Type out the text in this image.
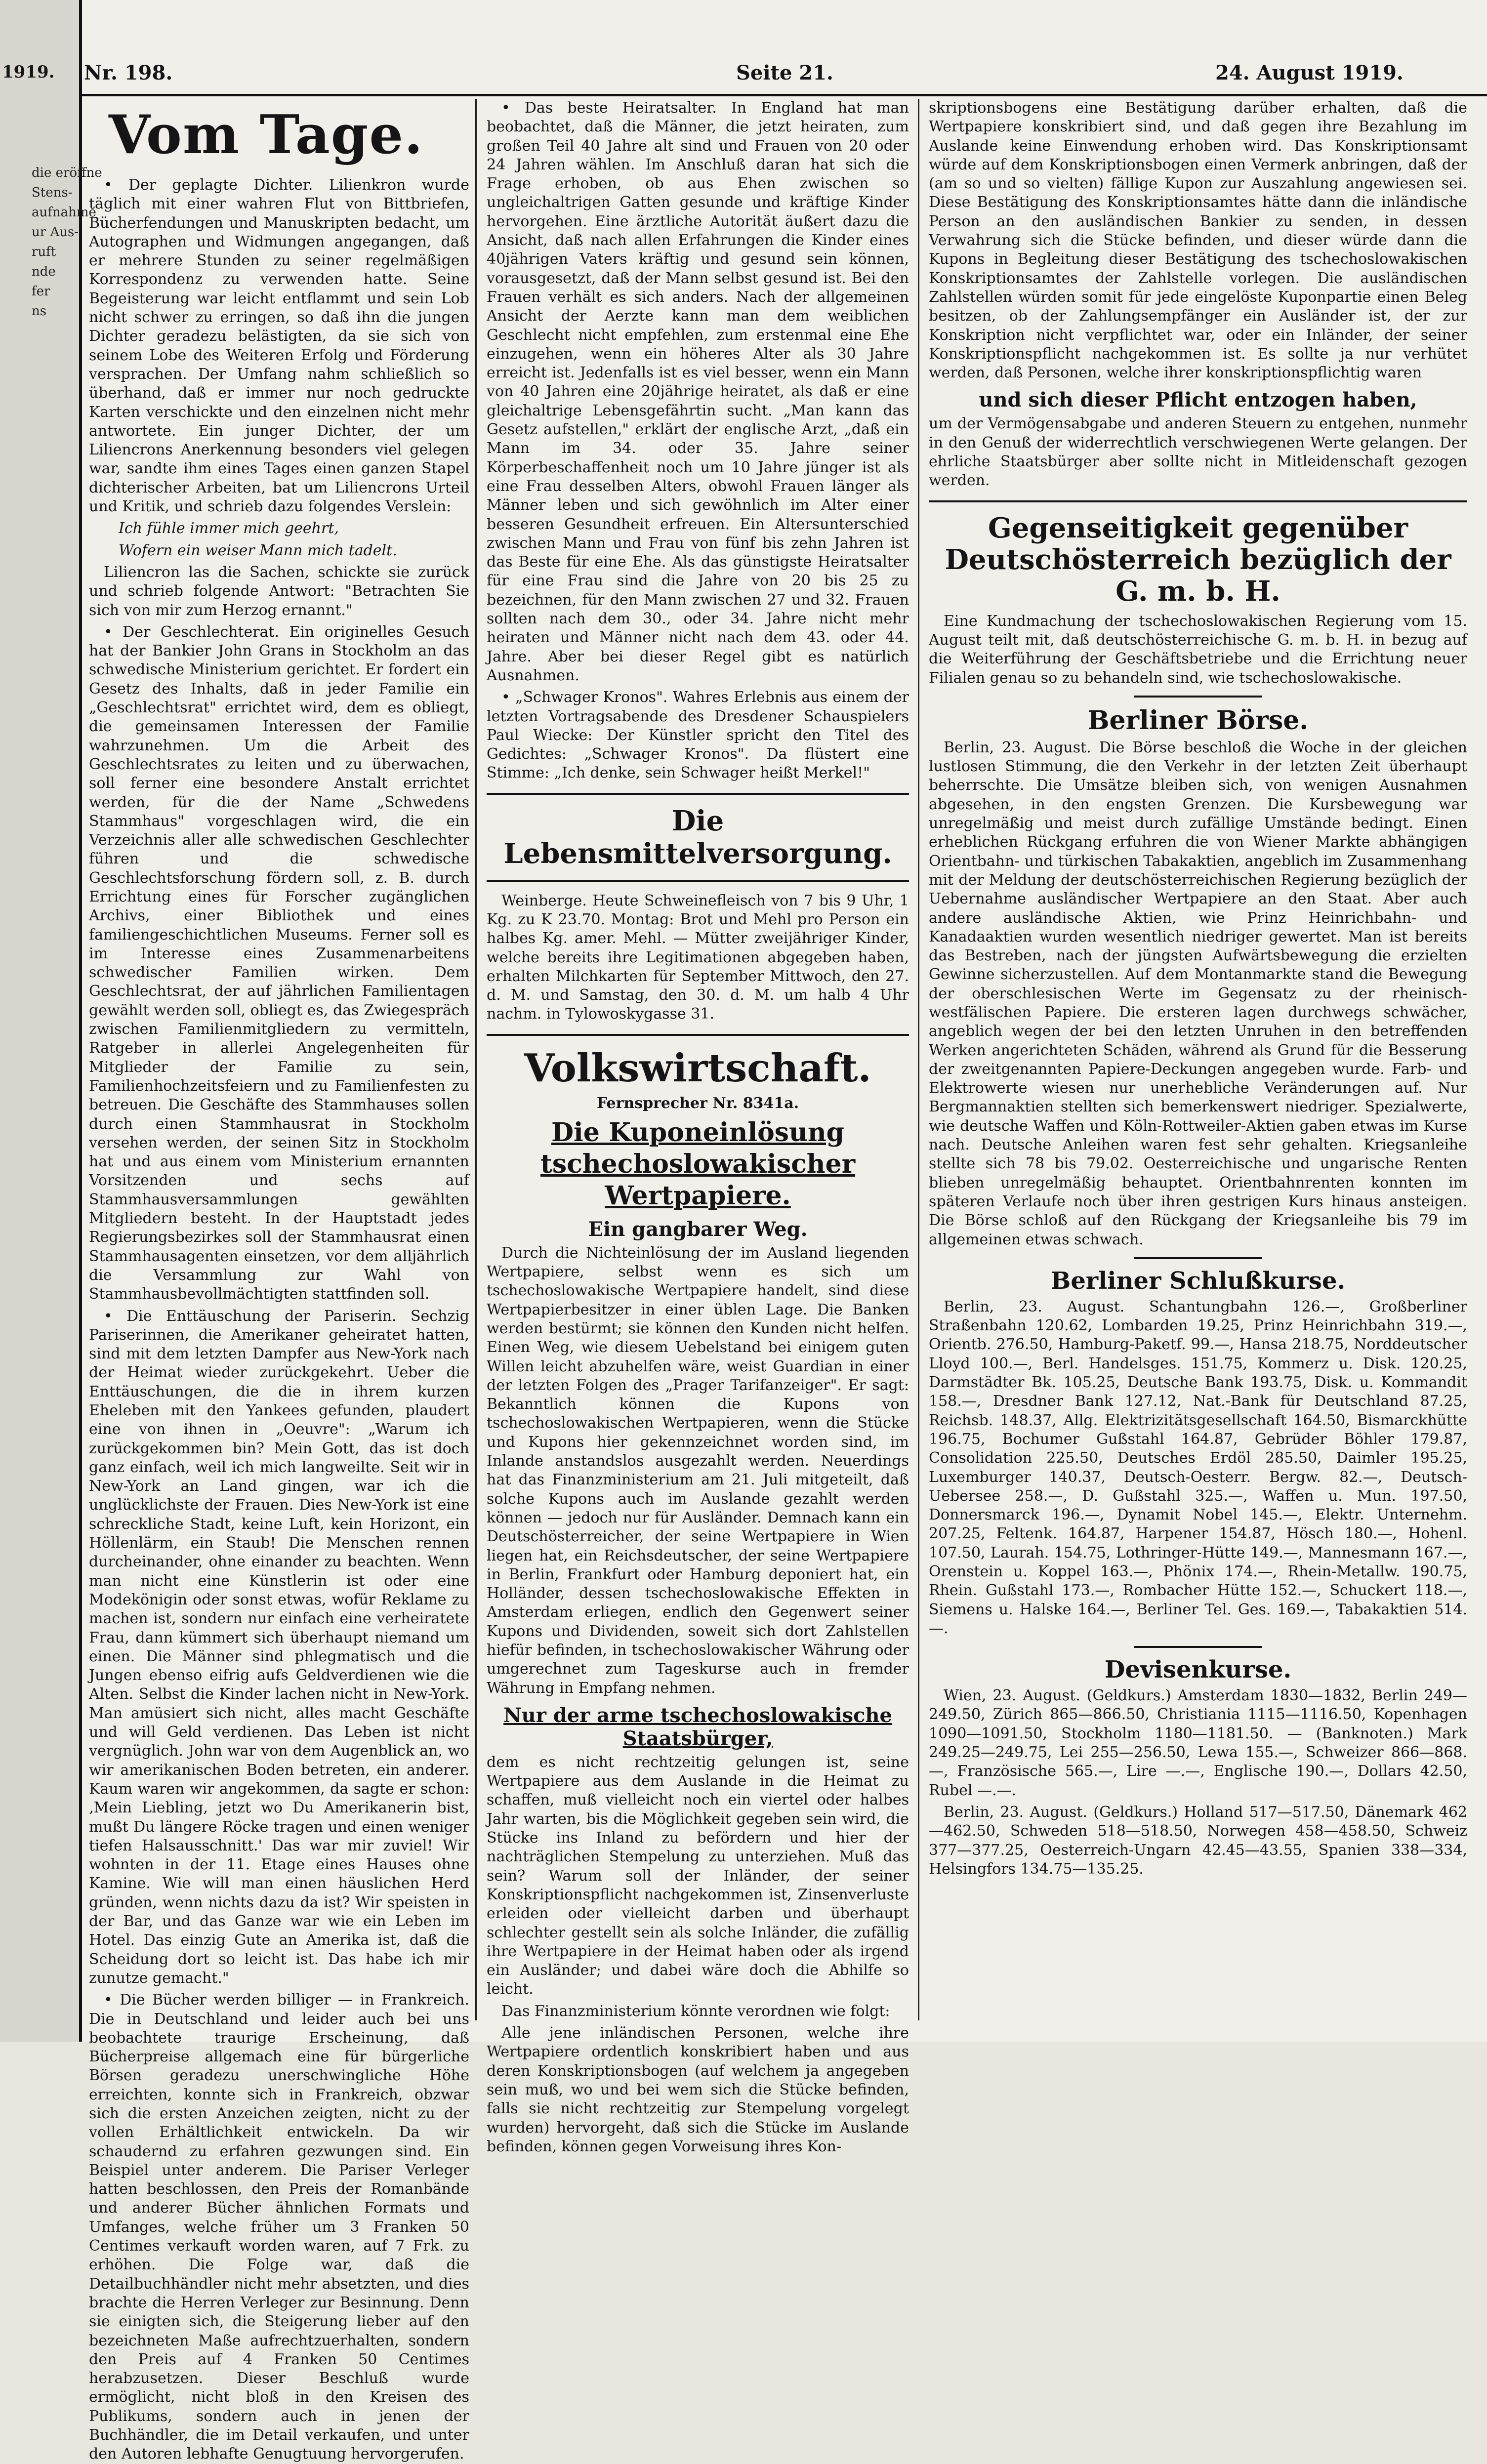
1919.
die eröffne
Stens-
aufnahme
ur Aus-
ruft
nde
fer
ns
Nr. 198.	Seite 21.	24. August 1919.
Vom Tage.

• Der geplagte Dichter. Lilienkron wurde täglich mit einer wahren Flut von Bittbriefen, Bücherfendungen und Manuskripten bedacht, um Autographen und Widmungen angegangen, daß er mehrere Stunden zu seiner regelmäßigen Korrespondenz zu verwenden hatte. Seine Begeisterung war leicht entflammt und sein Lob nicht schwer zu erringen, so daß ihn die jungen Dichter geradezu belästigten, da sie sich von seinem Lobe des Weiteren Erfolg und Förderung versprachen. Der Umfang nahm schließlich so überhand, daß er immer nur noch gedruckte Karten verschickte und den einzelnen nicht mehr antwortete. Ein junger Dichter, der um Liliencrons Anerkennung besonders viel gelegen war, sandte ihm eines Tages einen ganzen Stapel dichterischer Arbeiten, bat um Liliencrons Urteil und Kritik, und schrieb dazu folgendes Verslein:

Ich fühle immer mich geehrt,

Wofern ein weiser Mann mich tadelt.

Liliencron las die Sachen, schickte sie zurück und schrieb folgende Antwort: "Betrachten Sie sich von mir zum Herzog ernannt."

• Der Geschlechterat. Ein originelles Gesuch hat der Bankier John Grans in Stockholm an das schwedische Ministerium gerichtet. Er fordert ein Gesetz des Inhalts, daß in jeder Familie ein „Geschlechtsrat" errichtet wird, dem es obliegt, die gemeinsamen Interessen der Familie wahrzunehmen. Um die Arbeit des Geschlechtsrates zu leiten und zu überwachen, soll ferner eine besondere Anstalt errichtet werden, für die der Name „Schwedens Stammhaus" vorgeschlagen wird, die ein Verzeichnis aller alle schwedischen Geschlechter führen und die schwedische Geschlechtsforschung fördern soll, z. B. durch Errichtung eines für Forscher zugänglichen Archivs, einer Bibliothek und eines familiengeschichtlichen Museums. Ferner soll es im Interesse eines Zusammenarbeitens schwedischer Familien wirken. Dem Geschlechtsrat, der auf jährlichen Familientagen gewählt werden soll, obliegt es, das Zwiegespräch zwischen Familienmitgliedern zu vermitteln, Ratgeber in allerlei Angelegenheiten für Mitglieder der Familie zu sein, Familienhochzeitsfeiern und zu Familienfesten zu betreuen. Die Geschäfte des Stammhauses sollen durch einen Stammhausrat in Stockholm versehen werden, der seinen Sitz in Stockholm hat und aus einem vom Ministerium ernannten Vorsitzenden und sechs auf Stammhausversammlungen gewählten Mitgliedern besteht. In der Hauptstadt jedes Regierungsbezirkes soll der Stammhausrat einen Stammhausagenten einsetzen, vor dem alljährlich die Versammlung zur Wahl von Stammhausbevollmächtigten stattfinden soll.

• Die Enttäuschung der Pariserin. Sechzig Pariserinnen, die Amerikaner geheiratet hatten, sind mit dem letzten Dampfer aus New-York nach der Heimat wieder zurückgekehrt. Ueber die Enttäuschungen, die die in ihrem kurzen Eheleben mit den Yankees gefunden, plaudert eine von ihnen in „Oeuvre": „Warum ich zurückgekommen bin? Mein Gott, das ist doch ganz einfach, weil ich mich langweilte. Seit wir in New-York an Land gingen, war ich die unglücklichste der Frauen. Dies New-York ist eine schreckliche Stadt, keine Luft, kein Horizont, ein Höllenlärm, ein Staub! Die Menschen rennen durcheinander, ohne einander zu beachten. Wenn man nicht eine Künstlerin ist oder eine Modekönigin oder sonst etwas, wofür Reklame zu machen ist, sondern nur einfach eine verheiratete Frau, dann kümmert sich überhaupt niemand um einen. Die Männer sind phlegmatisch und die Jungen ebenso eifrig aufs Geldverdienen wie die Alten. Selbst die Kinder lachen nicht in New-York. Man amüsiert sich nicht, alles macht Geschäfte und will Geld verdienen. Das Leben ist nicht vergnüglich. John war von dem Augenblick an, wo wir amerikanischen Boden betreten, ein anderer. Kaum waren wir angekommen, da sagte er schon: ‚Mein Liebling, jetzt wo Du Amerikanerin bist, mußt Du längere Röcke tragen und einen weniger tiefen Halsausschnitt.' Das war mir zuviel! Wir wohnten in der 11. Etage eines Hauses ohne Kamine. Wie will man einen häuslichen Herd gründen, wenn nichts dazu da ist? Wir speisten in der Bar, und das Ganze war wie ein Leben im Hotel. Das einzig Gute an Amerika ist, daß die Scheidung dort so leicht ist. Das habe ich mir zunutze gemacht."

• Die Bücher werden billiger — in Frankreich. Die in Deutschland und leider auch bei uns beobachtete traurige Erscheinung, daß Bücherpreise allgemach eine für bürgerliche Börsen geradezu unerschwingliche Höhe erreichten, konnte sich in Frankreich, obzwar sich die ersten Anzeichen zeigten, nicht zu der vollen Erhältlichkeit entwickeln. Da wir schaudernd zu erfahren gezwungen sind. Ein Beispiel unter anderem. Die Pariser Verleger hatten beschlossen, den Preis der Romanbände und anderer Bücher ähnlichen Formats und Umfanges, welche früher um 3 Franken 50 Centimes verkauft worden waren, auf 7 Frk. zu erhöhen. Die Folge war, daß die Detailbuchhändler nicht mehr absetzten, und dies brachte die Herren Verleger zur Besinnung. Denn sie einigten sich, die Steigerung lieber auf den bezeichneten Maße aufrechtzuerhalten, sondern den Preis auf 4 Franken 50 Centimes herabzusetzen. Dieser Beschluß wurde ermöglicht, nicht bloß in den Kreisen des Publikums, sondern auch in jenen der Buchhändler, die im Detail verkaufen, und unter den Autoren lebhafte Genugtuung hervorgerufen.

• Das beste Heiratsalter. In England hat man beobachtet, daß die Männer, die jetzt heiraten, zum großen Teil 40 Jahre alt sind und Frauen von 20 oder 24 Jahren wählen. Im Anschluß daran hat sich die Frage erhoben, ob aus Ehen zwischen so ungleichaltrigen Gatten gesunde und kräftige Kinder hervorgehen. Eine ärztliche Autorität äußert dazu die Ansicht, daß nach allen Erfahrungen die Kinder eines 40jährigen Vaters kräftig und gesund sein können, vorausgesetzt, daß der Mann selbst gesund ist. Bei den Frauen verhält es sich anders. Nach der allgemeinen Ansicht der Aerzte kann man dem weiblichen Geschlecht nicht empfehlen, zum erstenmal eine Ehe einzugehen, wenn ein höheres Alter als 30 Jahre erreicht ist. Jedenfalls ist es viel besser, wenn ein Mann von 40 Jahren eine 20jährige heiratet, als daß er eine gleichaltrige Lebensgefährtin sucht. „Man kann das Gesetz aufstellen," erklärt der englische Arzt, „daß ein Mann im 34. oder 35. Jahre seiner Körperbeschaffenheit noch um 10 Jahre jünger ist als eine Frau desselben Alters, obwohl Frauen länger als Männer leben und sich gewöhnlich im Alter einer besseren Gesundheit erfreuen. Ein Altersunterschied zwischen Mann und Frau von fünf bis zehn Jahren ist das Beste für eine Ehe. Als das günstigste Heiratsalter für eine Frau sind die Jahre von 20 bis 25 zu bezeichnen, für den Mann zwischen 27 und 32. Frauen sollten nach dem 30., oder 34. Jahre nicht mehr heiraten und Männer nicht nach dem 43. oder 44. Jahre. Aber bei dieser Regel gibt es natürlich Ausnahmen.

• „Schwager Kronos". Wahres Erlebnis aus einem der letzten Vortragsabende des Dresdener Schauspielers Paul Wiecke: Der Künstler spricht den Titel des Gedichtes: „Schwager Kronos". Da flüstert eine Stimme: „Ich denke, sein Schwager heißt Merkel!"

Die Lebensmittelversorgung.

Weinberge. Heute Schweinefleisch von 7 bis 9 Uhr, 1 Kg. zu K 23.70. Montag: Brot und Mehl pro Person ein halbes Kg. amer. Mehl. — Mütter zweijähriger Kinder, welche bereits ihre Legitimationen abgegeben haben, erhalten Milchkarten für September Mittwoch, den 27. d. M. und Samstag, den 30. d. M. um halb 4 Uhr nachm. in Tylowoskygasse 31.

Volkswirtschaft.
Fernsprecher Nr. 8341a.
Die Kuponeinlösung tschechoslowakischer Wertpapiere.
Ein gangbarer Weg.

Durch die Nichteinlösung der im Ausland liegenden Wertpapiere, selbst wenn es sich um tschechoslowakische Wertpapiere handelt, sind diese Wertpapierbesitzer in einer üblen Lage. Die Banken werden bestürmt; sie können den Kunden nicht helfen. Einen Weg, wie diesem Uebelstand bei einigem guten Willen leicht abzuhelfen wäre, weist Guardian in einer der letzten Folgen des „Prager Tarifanzeiger". Er sagt: Bekanntlich können die Kupons von tschechoslowakischen Wertpapieren, wenn die Stücke und Kupons hier gekennzeichnet worden sind, im Inlande anstandslos ausgezahlt werden. Neuerdings hat das Finanzministerium am 21. Juli mitgeteilt, daß solche Kupons auch im Auslande gezahlt werden können — jedoch nur für Ausländer. Demnach kann ein Deutschösterreicher, der seine Wertpapiere in Wien liegen hat, ein Reichsdeutscher, der seine Wertpapiere in Berlin, Frankfurt oder Hamburg deponiert hat, ein Holländer, dessen tschechoslowakische Effekten in Amsterdam erliegen, endlich den Gegenwert seiner Kupons und Dividenden, soweit sich dort Zahlstellen hiefür befinden, in tschechoslowakischer Währung oder umgerechnet zum Tageskurse auch in fremder Währung in Empfang nehmen.

Nur der arme tschechoslowakische Staatsbürger,

dem es nicht rechtzeitig gelungen ist, seine Wertpapiere aus dem Auslande in die Heimat zu schaffen, muß vielleicht noch ein viertel oder halbes Jahr warten, bis die Möglichkeit gegeben sein wird, die Stücke ins Inland zu befördern und hier der nachträglichen Stempelung zu unterziehen. Muß das sein? Warum soll der Inländer, der seiner Konskriptionspflicht nachgekommen ist, Zinsenverluste erleiden oder vielleicht darben und überhaupt schlechter gestellt sein als solche Inländer, die zufällig ihre Wertpapiere in der Heimat haben oder als irgend ein Ausländer; und dabei wäre doch die Abhilfe so leicht.

Das Finanzministerium könnte verordnen wie folgt:

Alle jene inländischen Personen, welche ihre Wertpapiere ordentlich konskribiert haben und aus deren Konskriptionsbogen (auf welchem ja angegeben sein muß, wo und bei wem sich die Stücke befinden, falls sie nicht rechtzeitig zur Stempelung vorgelegt wurden) hervorgeht, daß sich die Stücke im Auslande befinden, können gegen Vorweisung ihres Kon-

skriptionsbogens eine Bestätigung darüber erhalten, daß die Wertpapiere konskribiert sind, und daß gegen ihre Bezahlung im Auslande keine Einwendung erhoben wird. Das Konskriptionsamt würde auf dem Konskriptionsbogen einen Vermerk anbringen, daß der (am so und so vielten) fällige Kupon zur Auszahlung angewiesen sei. Diese Bestätigung des Konskriptionsamtes hätte dann die inländische Person an den ausländischen Bankier zu senden, in dessen Verwahrung sich die Stücke befinden, und dieser würde dann die Kupons in Begleitung dieser Bestätigung des tschechoslowakischen Konskriptionsamtes der Zahlstelle vorlegen. Die ausländischen Zahlstellen würden somit für jede eingelöste Kuponpartie einen Beleg besitzen, ob der Zahlungsempfänger ein Ausländer ist, der zur Konskription nicht verpflichtet war, oder ein Inländer, der seiner Konskriptionspflicht nachgekommen ist. Es sollte ja nur verhütet werden, daß Personen, welche ihrer konskriptionspflichtig waren

und sich dieser Pflicht entzogen haben,

um der Vermögensabgabe und anderen Steuern zu entgehen, nunmehr in den Genuß der widerrechtlich verschwiegenen Werte gelangen. Der ehrliche Staatsbürger aber sollte nicht in Mitleidenschaft gezogen werden.

Gegenseitigkeit gegenüber Deutschösterreich bezüglich der G. m. b. H.

Eine Kundmachung der tschechoslowakischen Regierung vom 15. August teilt mit, daß deutschösterreichische G. m. b. H. in bezug auf die Weiterführung der Geschäftsbetriebe und die Errichtung neuer Filialen genau so zu behandeln sind, wie tschechoslowakische.

Berliner Börse.

Berlin, 23. August. Die Börse beschloß die Woche in der gleichen lustlosen Stimmung, die den Verkehr in der letzten Zeit überhaupt beherrschte. Die Umsätze bleiben sich, von wenigen Ausnahmen abgesehen, in den engsten Grenzen. Die Kursbewegung war unregelmäßig und meist durch zufällige Umstände bedingt. Einen erheblichen Rückgang erfuhren die von Wiener Markte abhängigen Orientbahn- und türkischen Tabakaktien, angeblich im Zusammenhang mit der Meldung der deutschösterreichischen Regierung bezüglich der Uebernahme ausländischer Wertpapiere an den Staat. Aber auch andere ausländische Aktien, wie Prinz Heinrichbahn- und Kanadaaktien wurden wesentlich niedriger gewertet. Man ist bereits das Bestreben, nach der jüngsten Aufwärtsbewegung die erzielten Gewinne sicherzustellen. Auf dem Montanmarkte stand die Bewegung der oberschlesischen Werte im Gegensatz zu der rheinisch-westfälischen Papiere. Die ersteren lagen durchwegs schwächer, angeblich wegen der bei den letzten Unruhen in den betreffenden Werken angerichteten Schäden, während als Grund für die Besserung der zweitgenannten Papiere-Deckungen angegeben wurde. Farb- und Elektrowerte wiesen nur unerhebliche Veränderungen auf. Nur Bergmannaktien stellten sich bemerkenswert niedriger. Spezialwerte, wie deutsche Waffen und Köln-Rottweiler-Aktien gaben etwas im Kurse nach. Deutsche Anleihen waren fest sehr gehalten. Kriegsanleihe stellte sich 78 bis 79.02. Oesterreichische und ungarische Renten blieben unregelmäßig behauptet. Orientbahnrenten konnten im späteren Verlaufe noch über ihren gestrigen Kurs hinaus ansteigen. Die Börse schloß auf den Rückgang der Kriegsanleihe bis 79 im allgemeinen etwas schwach.

Berliner Schlußkurse.

Berlin, 23. August. Schantungbahn 126.—, Großberliner Straßenbahn 120.62, Lombarden 19.25, Prinz Heinrichbahn 319.—, Orientb. 276.50, Hamburg-Paketf. 99.—, Hansa 218.75, Norddeutscher Lloyd 100.—, Berl. Handelsges. 151.75, Kommerz u. Disk. 120.25, Darmstädter Bk. 105.25, Deutsche Bank 193.75, Disk. u. Kommandit 158.—, Dresdner Bank 127.12, Nat.-Bank für Deutschland 87.25, Reichsb. 148.37, Allg. Elektrizitätsgesellschaft 164.50, Bismarckhütte 196.75, Bochumer Gußstahl 164.87, Gebrüder Böhler 179.87, Consolidation 225.50, Deutsches Erdöl 285.50, Daimler 195.25, Luxemburger 140.37, Deutsch-Oesterr. Bergw. 82.—, Deutsch-Uebersee 258.—, D. Gußstahl 325.—, Waffen u. Mun. 197.50, Donnersmarck 196.—, Dynamit Nobel 145.—, Elektr. Unternehm. 207.25, Feltenk. 164.87, Harpener 154.87, Hösch 180.—, Hohenl. 107.50, Laurah. 154.75, Lothringer-Hütte 149.—, Mannesmann 167.—, Orenstein u. Koppel 163.—, Phönix 174.—, Rhein-Metallw. 190.75, Rhein. Gußstahl 173.—, Rombacher Hütte 152.—, Schuckert 118.—, Siemens u. Halske 164.—, Berliner Tel. Ges. 169.—, Tabakaktien 514.—.

Devisenkurse.

Wien, 23. August. (Geldkurs.) Amsterdam 1830—1832, Berlin 249—249.50, Zürich 865—866.50, Christiania 1115—1116.50, Kopenhagen 1090—1091.50, Stockholm 1180—1181.50. — (Banknoten.) Mark 249.25—249.75, Lei 255—256.50, Lewa 155.—, Schweizer 866—868.—, Französische 565.—, Lire —.—, Englische 190.—, Dollars 42.50, Rubel —.—.

Berlin, 23. August. (Geldkurs.) Holland 517—517.50, Dänemark 462—462.50, Schweden 518—518.50, Norwegen 458—458.50, Schweiz 377—377.25, Oesterreich-Ungarn 42.45—43.55, Spanien 338—334, Helsingfors 134.75—135.25.
